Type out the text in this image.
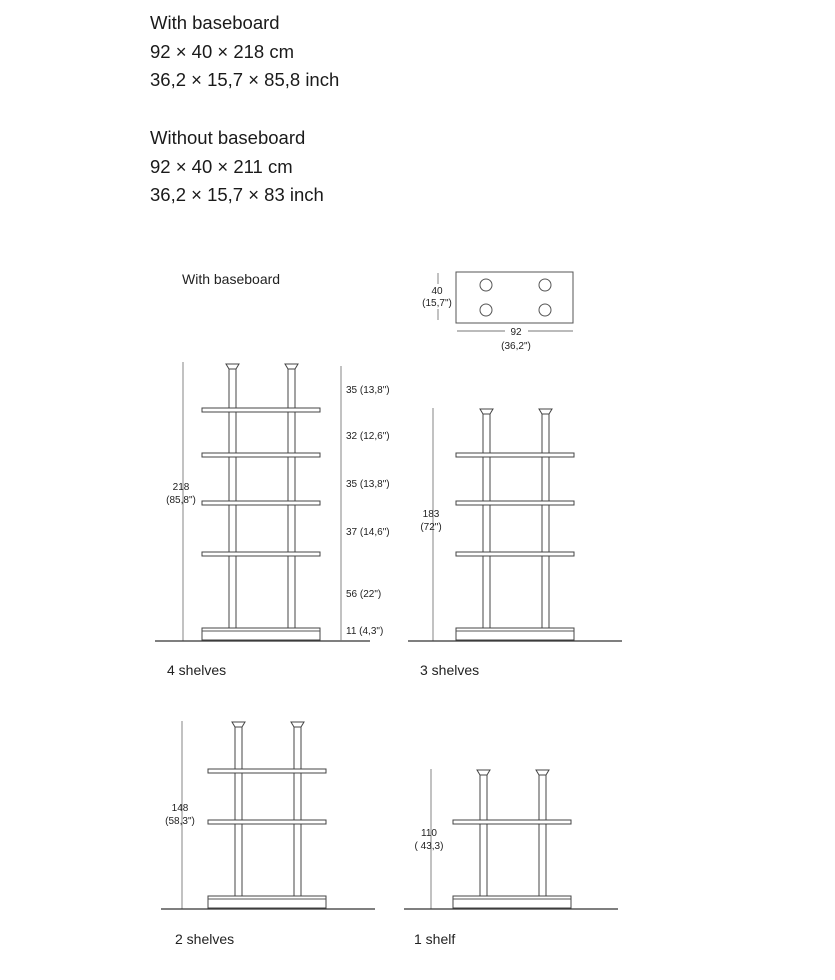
With baseboard
92 × 40 × 218 cm
36,2 × 15,7 × 85,8 inch
Without baseboard
92 × 40 × 211 cm
36,2 × 15,7 × 83 inch
With baseboard
40
(15,7")
92
(36,2")
218
(85,8")
35 (13,8")
32 (12,6")
35 (13,8")
37 (14,6")
56 (22")
11 (4,3")
4 shelves
183
(72")
3 shelves
148
(58,3")
2 shelves
110
( 43,3)
1 shelf
